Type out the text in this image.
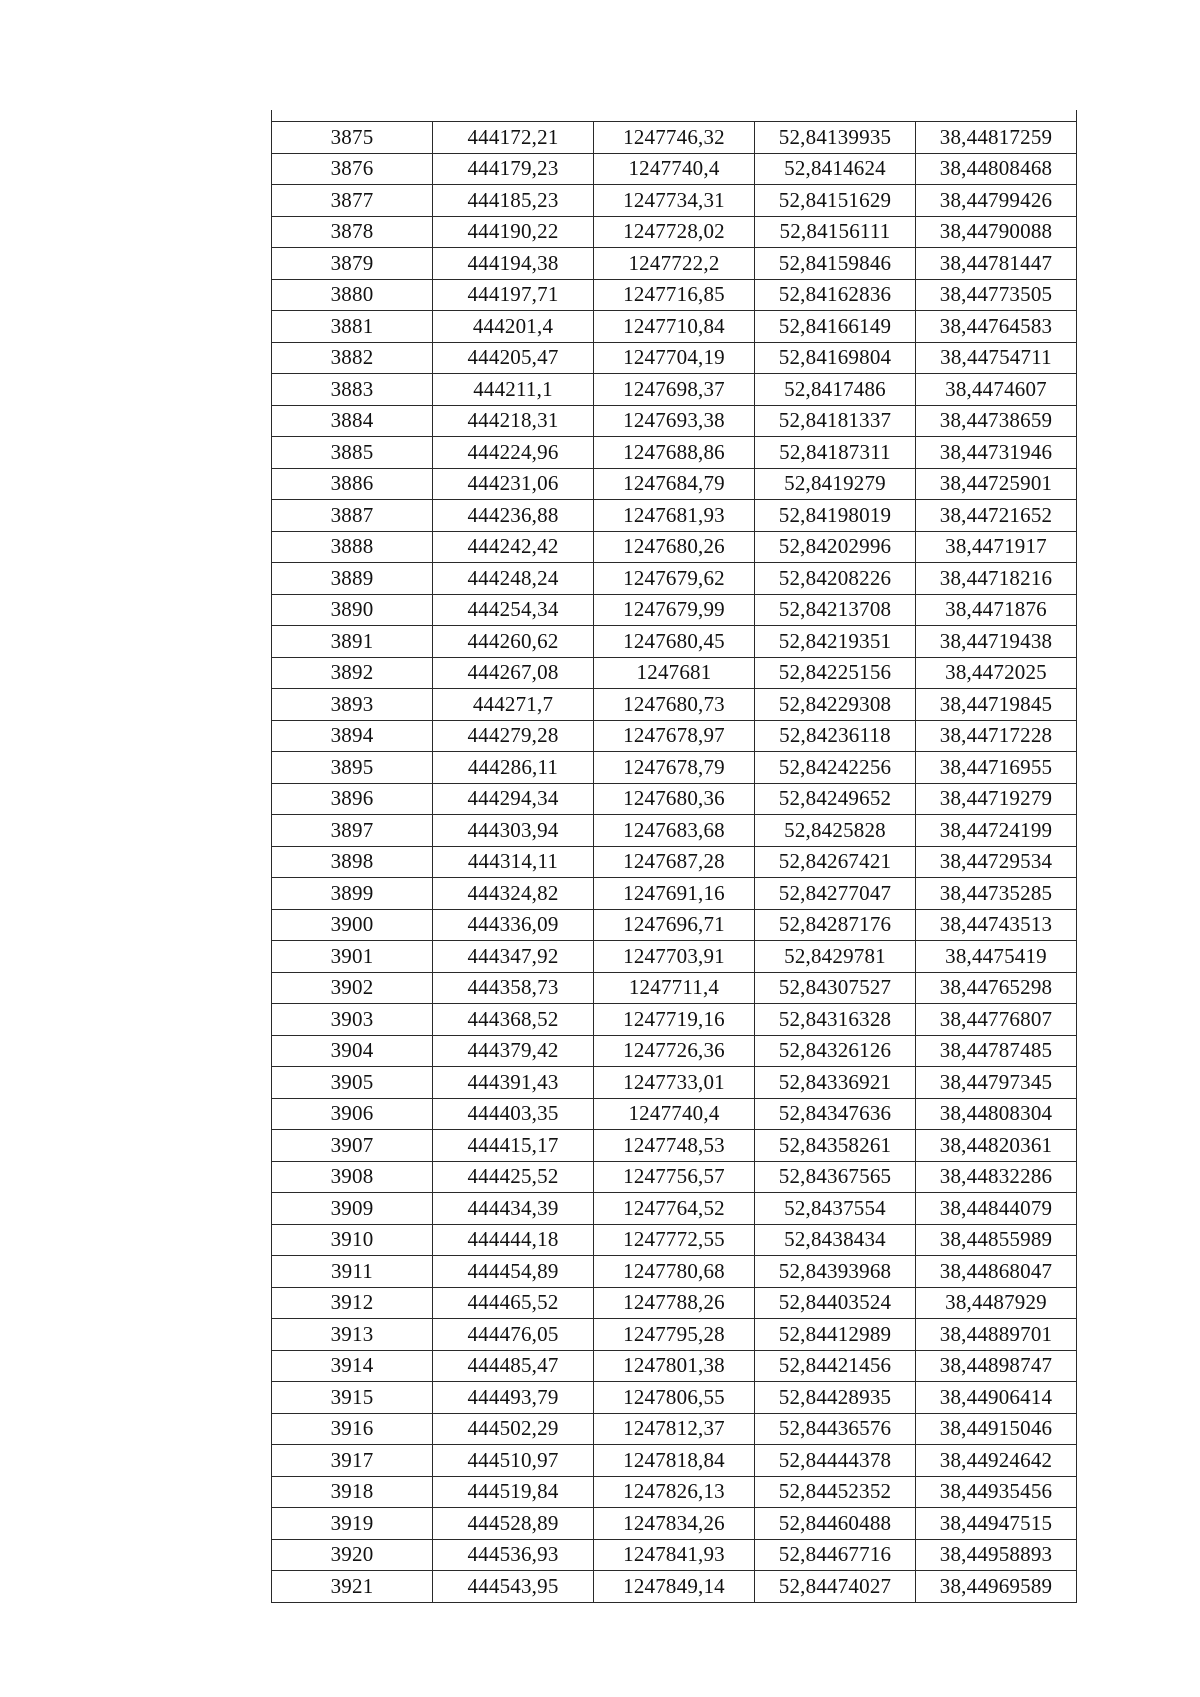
3875	444172,21	1247746,32	52,84139935	38,44817259
3876	444179,23	1247740,4	52,8414624	38,44808468
3877	444185,23	1247734,31	52,84151629	38,44799426
3878	444190,22	1247728,02	52,84156111	38,44790088
3879	444194,38	1247722,2	52,84159846	38,44781447
3880	444197,71	1247716,85	52,84162836	38,44773505
3881	444201,4	1247710,84	52,84166149	38,44764583
3882	444205,47	1247704,19	52,84169804	38,44754711
3883	444211,1	1247698,37	52,8417486	38,4474607
3884	444218,31	1247693,38	52,84181337	38,44738659
3885	444224,96	1247688,86	52,84187311	38,44731946
3886	444231,06	1247684,79	52,8419279	38,44725901
3887	444236,88	1247681,93	52,84198019	38,44721652
3888	444242,42	1247680,26	52,84202996	38,4471917
3889	444248,24	1247679,62	52,84208226	38,44718216
3890	444254,34	1247679,99	52,84213708	38,4471876
3891	444260,62	1247680,45	52,84219351	38,44719438
3892	444267,08	1247681	52,84225156	38,4472025
3893	444271,7	1247680,73	52,84229308	38,44719845
3894	444279,28	1247678,97	52,84236118	38,44717228
3895	444286,11	1247678,79	52,84242256	38,44716955
3896	444294,34	1247680,36	52,84249652	38,44719279
3897	444303,94	1247683,68	52,8425828	38,44724199
3898	444314,11	1247687,28	52,84267421	38,44729534
3899	444324,82	1247691,16	52,84277047	38,44735285
3900	444336,09	1247696,71	52,84287176	38,44743513
3901	444347,92	1247703,91	52,8429781	38,4475419
3902	444358,73	1247711,4	52,84307527	38,44765298
3903	444368,52	1247719,16	52,84316328	38,44776807
3904	444379,42	1247726,36	52,84326126	38,44787485
3905	444391,43	1247733,01	52,84336921	38,44797345
3906	444403,35	1247740,4	52,84347636	38,44808304
3907	444415,17	1247748,53	52,84358261	38,44820361
3908	444425,52	1247756,57	52,84367565	38,44832286
3909	444434,39	1247764,52	52,8437554	38,44844079
3910	444444,18	1247772,55	52,8438434	38,44855989
3911	444454,89	1247780,68	52,84393968	38,44868047
3912	444465,52	1247788,26	52,84403524	38,4487929
3913	444476,05	1247795,28	52,84412989	38,44889701
3914	444485,47	1247801,38	52,84421456	38,44898747
3915	444493,79	1247806,55	52,84428935	38,44906414
3916	444502,29	1247812,37	52,84436576	38,44915046
3917	444510,97	1247818,84	52,84444378	38,44924642
3918	444519,84	1247826,13	52,84452352	38,44935456
3919	444528,89	1247834,26	52,84460488	38,44947515
3920	444536,93	1247841,93	52,84467716	38,44958893
3921	444543,95	1247849,14	52,84474027	38,44969589
